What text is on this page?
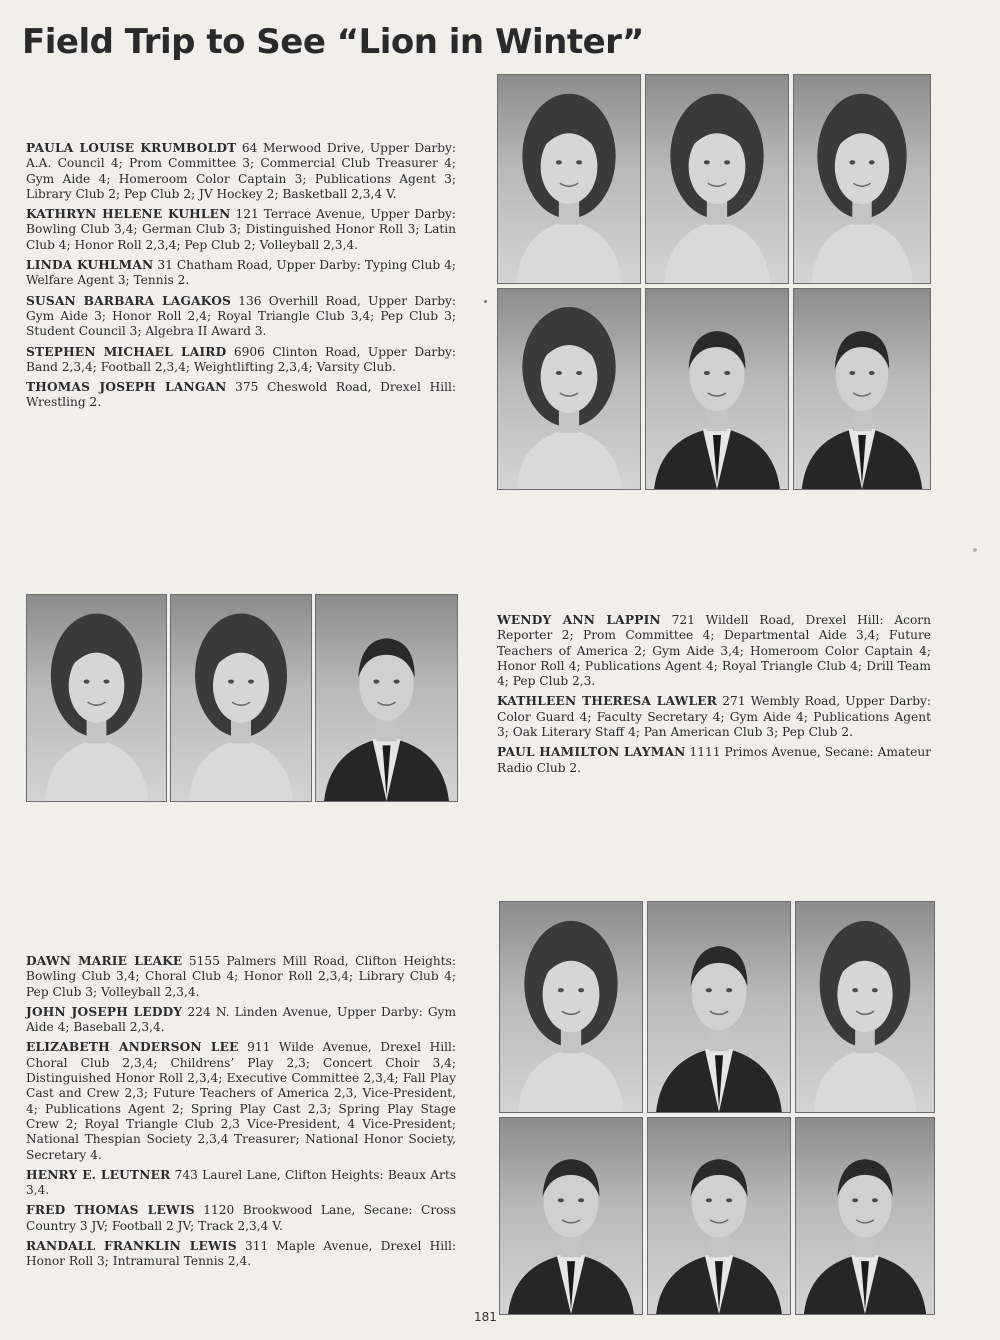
Field Trip to See “Lion in Winter”

PAULA LOUISE KRUMBOLDT 64 Merwood Drive, Upper Darby: A.A. Council 4; Prom Committee 3; Commercial Club Treasurer 4; Gym Aide 4; Homeroom Color Captain 3; Publications Agent 3; Library Club 2; Pep Club 2; JV Hockey 2; Basketball 2,3,4 V.

KATHRYN HELENE KUHLEN 121 Terrace Avenue, Upper Darby: Bowling Club 3,4; German Club 3; Distinguished Honor Roll 3; Latin Club 4; Honor Roll 2,3,4; Pep Club 2; Volleyball 2,3,4.

LINDA KUHLMAN 31 Chatham Road, Upper Darby: Typing Club 4; Welfare Agent 3; Tennis 2.

SUSAN BARBARA LAGAKOS 136 Overhill Road, Upper Darby: Gym Aide 3; Honor Roll 2,4; Royal Triangle Club 3,4; Pep Club 3; Student Council 3; Algebra II Award 3.

STEPHEN MICHAEL LAIRD 6906 Clinton Road, Upper Darby: Band 2,3,4; Football 2,3,4; Weightlifting 2,3,4; Varsity Club.

THOMAS JOSEPH LANGAN 375 Cheswold Road, Drexel Hill: Wrestling 2.

WENDY ANN LAPPIN 721 Wildell Road, Drexel Hill: Acorn Reporter 2; Prom Committee 4; Departmental Aide 3,4; Future Teachers of America 2; Gym Aide 3,4; Homeroom Color Captain 4; Honor Roll 4; Publications Agent 4; Royal Triangle Club 4; Drill Team 4; Pep Club 2,3.

KATHLEEN THERESA LAWLER 271 Wembly Road, Upper Darby: Color Guard 4; Faculty Secretary 4; Gym Aide 4; Publications Agent 3; Oak Literary Staff 4; Pan American Club 3; Pep Club 2.

PAUL HAMILTON LAYMAN 1111 Primos Avenue, Secane: Amateur Radio Club 2.

DAWN MARIE LEAKE 5155 Palmers Mill Road, Clifton Heights: Bowling Club 3,4; Choral Club 4; Honor Roll 2,3,4; Library Club 4; Pep Club 3; Volleyball 2,3,4.

JOHN JOSEPH LEDDY 224 N. Linden Avenue, Upper Darby: Gym Aide 4; Baseball 2,3,4.

ELIZABETH ANDERSON LEE 911 Wilde Avenue, Drexel Hill: Choral Club 2,3,4; Childrens’ Play 2,3; Concert Choir 3,4; Distinguished Honor Roll 2,3,4; Executive Committee 2,3,4; Fall Play Cast and Crew 2,3; Future Teachers of America 2,3, Vice-President, 4; Publications Agent 2; Spring Play Cast 2,3; Spring Play Stage Crew 2; Royal Triangle Club 2,3 Vice-President, 4 Vice-President; National Thespian Society 2,3,4 Treasurer; National Honor Society, Secretary 4.

HENRY E. LEUTNER 743 Laurel Lane, Clifton Heights: Beaux Arts 3,4.

FRED THOMAS LEWIS 1120 Brookwood Lane, Secane: Cross Country 3 JV; Football 2 JV; Track 2,3,4 V.

RANDALL FRANKLIN LEWIS 311 Maple Avenue, Drexel Hill: Honor Roll 3; Intramural Tennis 2,4.

181
